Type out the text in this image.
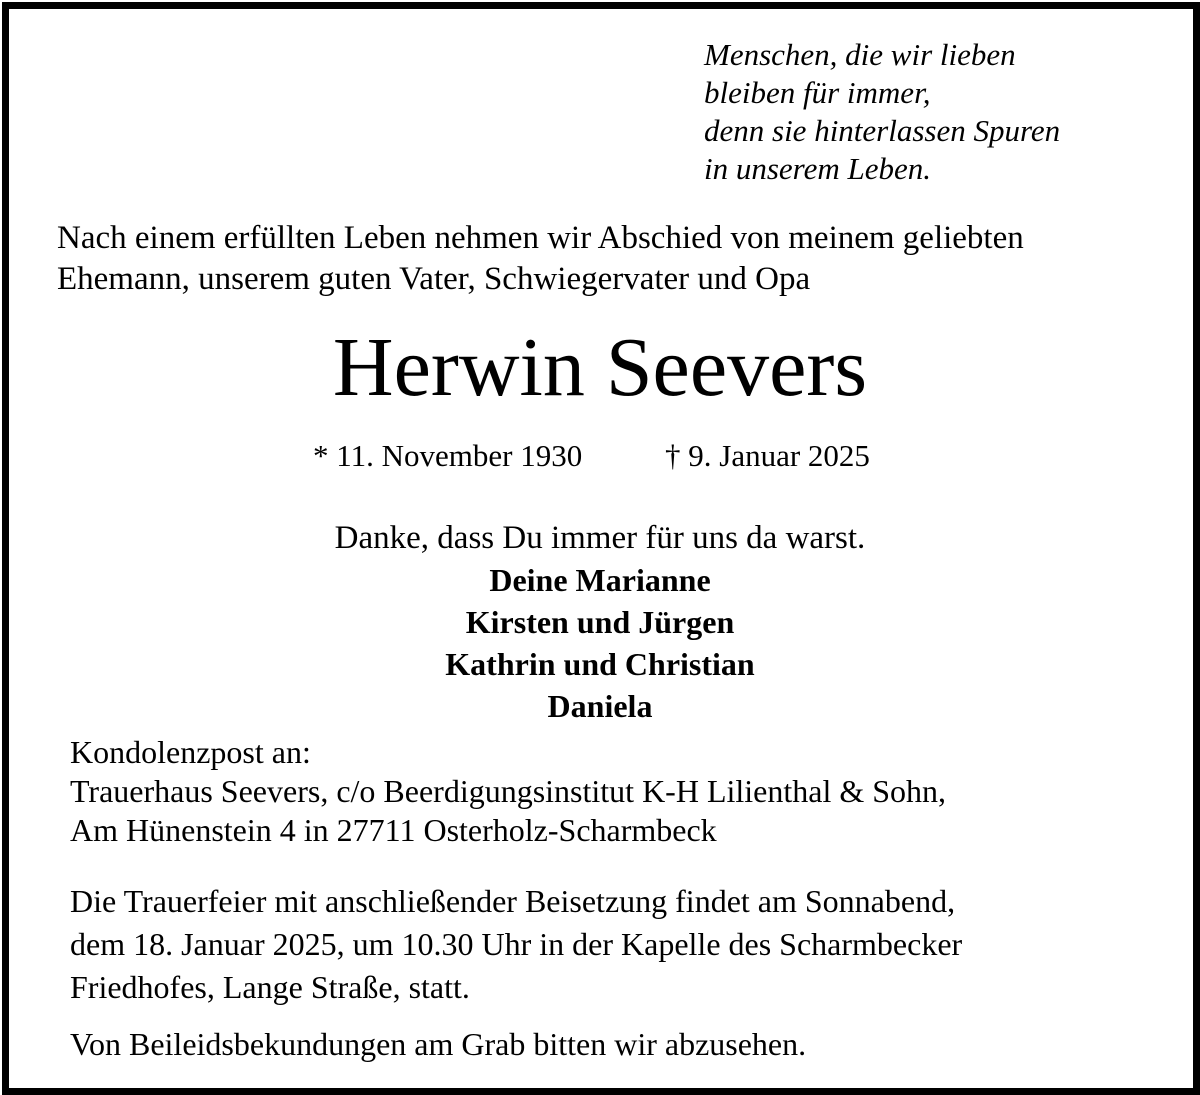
Menschen, die wir lieben
bleiben für immer,
denn sie hinterlassen Spuren
in unserem Leben.
Nach einem erfüllten Leben nehmen wir Abschied von meinem geliebten
Ehemann, unserem guten Vater, Schwiegervater und Opa
Herwin Seevers
* 11. November 1930	† 9. Januar 2025
Danke, dass Du immer für uns da warst.
Deine Marianne
Kirsten und Jürgen
Kathrin und Christian
Daniela
Kondolenzpost an:
Trauerhaus Seevers, c/o Beerdigungsinstitut K-H Lilienthal & Sohn,
Am Hünenstein 4 in 27711 Osterholz-Scharmbeck
Die Trauerfeier mit anschließender Beisetzung findet am Sonnabend,
dem 18. Januar 2025, um 10.30 Uhr in der Kapelle des Scharmbecker
Friedhofes, Lange Straße, statt.
Von Beileidsbekundungen am Grab bitten wir abzusehen.
